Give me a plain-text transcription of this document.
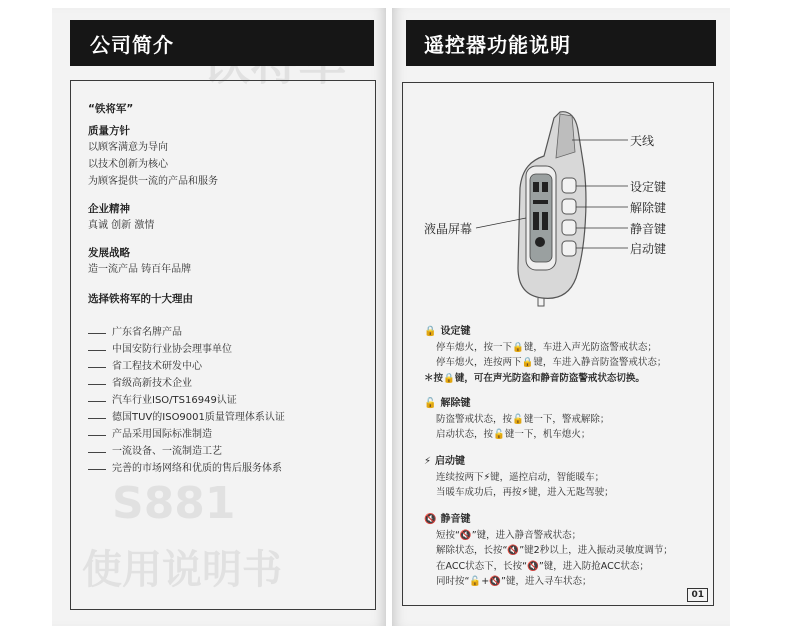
S881
使用说明书
公司简介
“铁将军”
质量方针
以顾客满意为导向
以技术创新为核心
为顾客提供一流的产品和服务
企业精神
真诚 创新 激情
发展战略
造一流产品 铸百年品牌
选择铁将军的十大理由
广东省名牌产品
中国安防行业协会理事单位
省工程技术研发中心
省级高新技术企业
汽车行业ISO/TS16949认证
德国TUV的ISO9001质量管理体系认证
产品采用国际标准制造
一流设备、一流制造工艺
完善的市场网络和优质的售后服务体系
遥控器功能说明
天线
设定键
解除键
静音键
启动键
液晶屏幕
🔒 设定键
停车熄火，按一下🔒键，车进入声光防盗警戒状态；
停车熄火，连按两下🔒键，车进入静音防盗警戒状态；
＊按🔒键，可在声光防盗和静音防盗警戒状态切换。
🔓 解除键
防盗警戒状态，按🔓键一下，警戒解除；
启动状态，按🔓键一下，机车熄火；
⚡ 启动键
连续按两下⚡键，遥控启动，智能暖车；
当暖车成功后，再按⚡键，进入无匙驾驶；
🔇 静音键
短按“🔇”键，进入静音警戒状态；
解除状态，长按“🔇”键2秒以上，进入振动灵敏度调节；
在ACC状态下，长按“🔇”键，进入防抢ACC状态；
同时按“🔓+🔇”键，进入寻车状态；
01
